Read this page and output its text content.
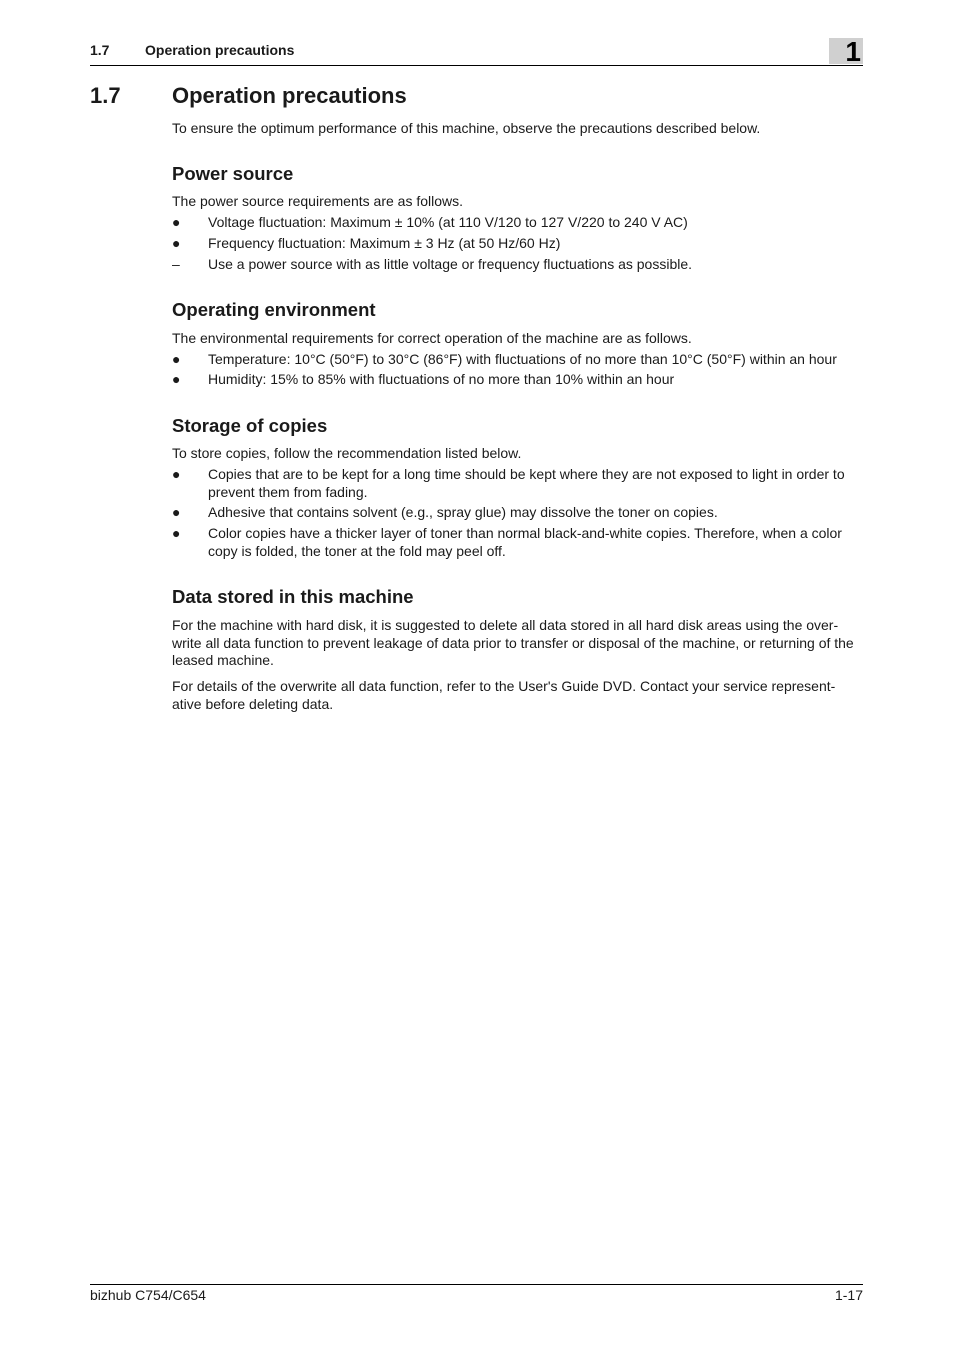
1.7	Operation precautions	1
1.7 Operation precautions

To ensure the optimum performance of this machine, observe the precautions described below.

Power source

The power source requirements are as follows.

●	Voltage fluctuation: Maximum ± 10% (at 110 V/120 to 127 V/220 to 240 V AC)
●	Frequency fluctuation: Maximum ± 3 Hz (at 50 Hz/60 Hz)
–	Use a power source with as little voltage or frequency fluctuations as possible.
Operating environment

The environmental requirements for correct operation of the machine are as follows.

●	Temperature: 10°C (50°F) to 30°C (86°F) with fluctuations of no more than 10°C (50°F) within an hour
●	Humidity: 15% to 85% with fluctuations of no more than 10% within an hour
Storage of copies

To store copies, follow the recommendation listed below.

●	Copies that are to be kept for a long time should be kept where they are not exposed to light in order to prevent them from fading.
●	Adhesive that contains solvent (e.g., spray glue) may dissolve the toner on copies.
●	Color copies have a thicker layer of toner than normal black-and-white copies. Therefore, when a color copy is folded, the toner at the fold may peel off.
Data stored in this machine

For the machine with hard disk, it is suggested to delete all data stored in all hard disk areas using the over-write all data function to prevent leakage of data prior to transfer or disposal of the machine, or returning of the leased machine.

For details of the overwrite all data function, refer to the User's Guide DVD. Contact your service represent-ative before deleting data.

bizhub C754/C654	1-17
